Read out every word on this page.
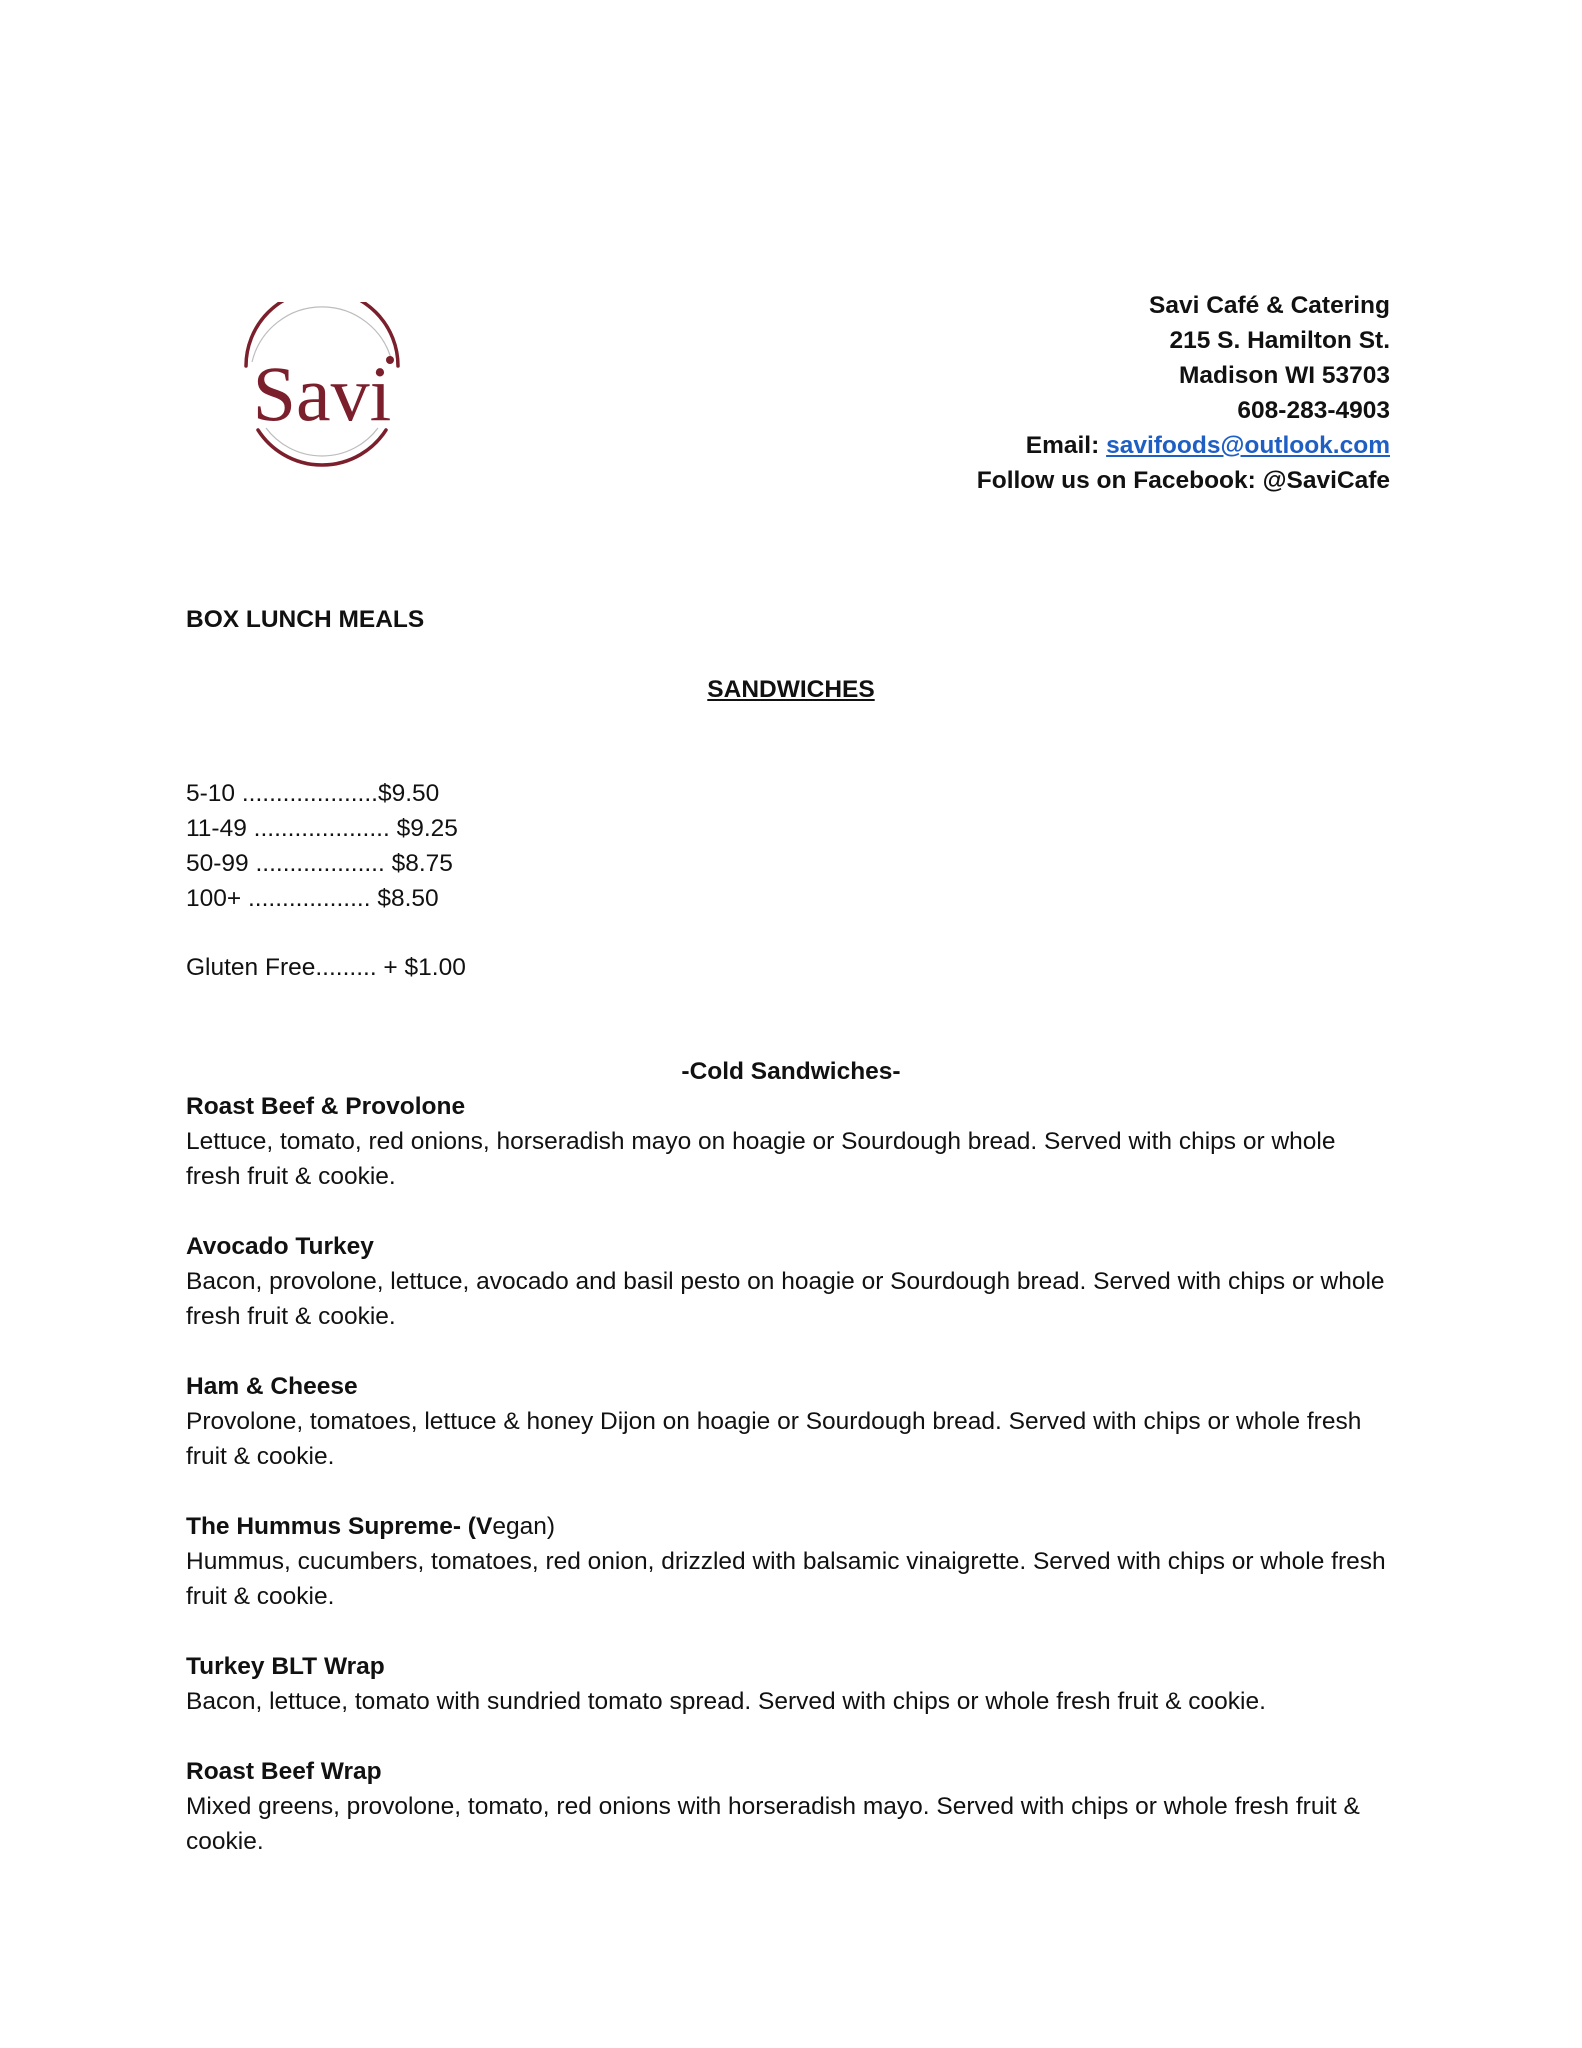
Savi
Savi Café & Catering
215 S. Hamilton St.
Madison WI 53703
608-283-4903
Email: savifoods@outlook.com
Follow us on Facebook: @SaviCafe
BOX LUNCH MEALS
SANDWICHES
5-10 ....................$9.50
11-49 .................... $9.25
50-99 ................... $8.75
100+ .................. $8.50
Gluten Free......... + $1.00
-Cold Sandwiches-
Roast Beef & Provolone
Lettuce, tomato, red onions, horseradish mayo on hoagie or Sourdough bread. Served with chips or whole fresh fruit & cookie.
Avocado Turkey
Bacon, provolone, lettuce, avocado and basil pesto on hoagie or Sourdough bread. Served with chips or whole fresh fruit & cookie.
Ham & Cheese
Provolone, tomatoes, lettuce & honey Dijon on hoagie or Sourdough bread. Served with chips or whole fresh fruit & cookie.
The Hummus Supreme- (Vegan)
Hummus, cucumbers, tomatoes, red onion, drizzled with balsamic vinaigrette. Served with chips or whole fresh fruit & cookie.
Turkey BLT Wrap
Bacon, lettuce, tomato with sundried tomato spread. Served with chips or whole fresh fruit & cookie.
Roast Beef Wrap
Mixed greens, provolone, tomato, red onions with horseradish mayo. Served with chips or whole fresh fruit & cookie.
